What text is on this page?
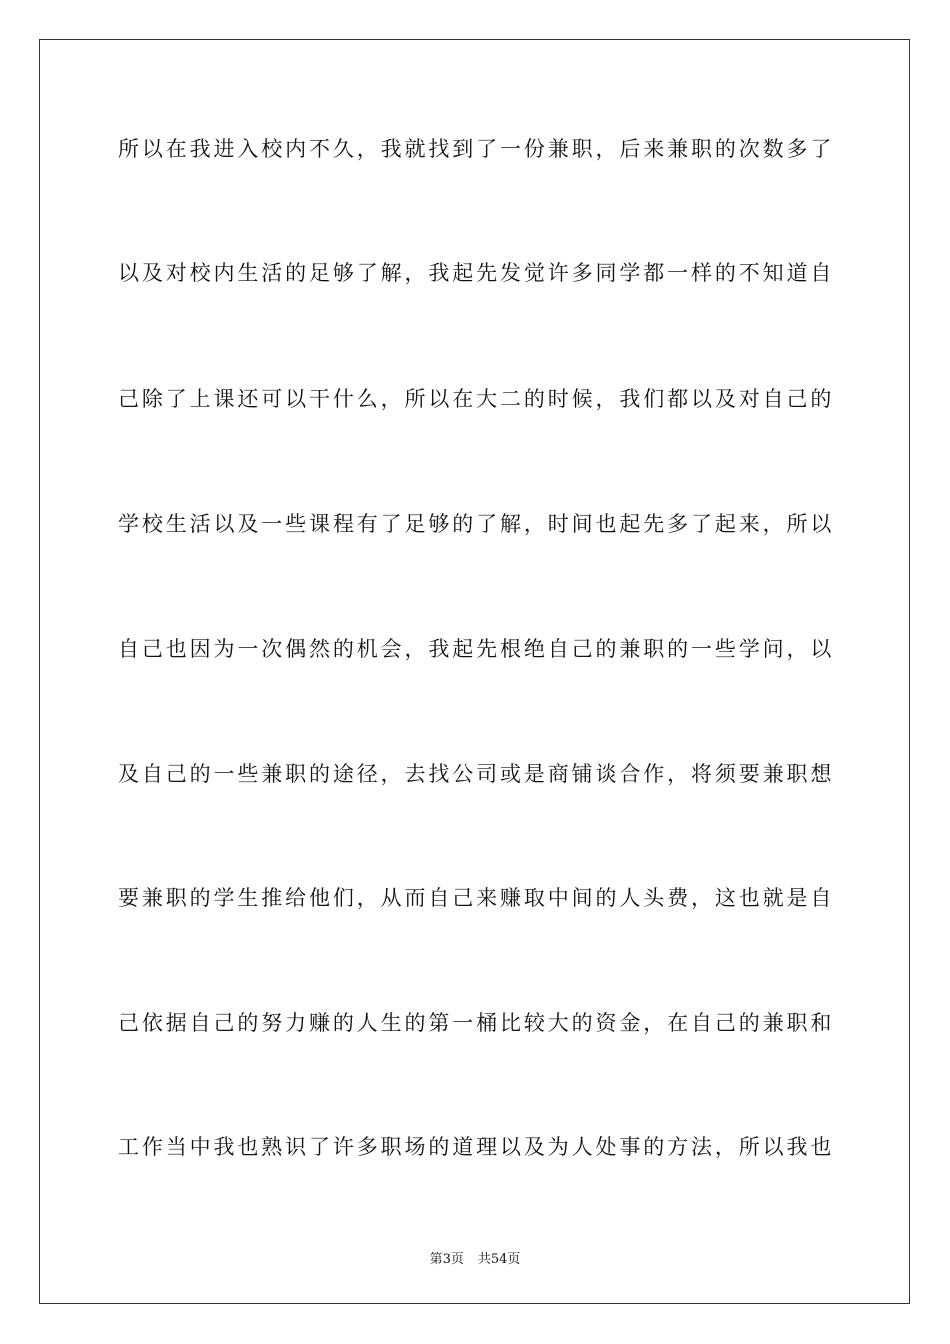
所以在我进入校内不久，我就找到了一份兼职，后来兼职的次数多了
以及对校内生活的足够了解，我起先发觉许多同学都一样的不知道自
己除了上课还可以干什么，所以在大二的时候，我们都以及对自己的
学校生活以及一些课程有了足够的了解，时间也起先多了起来，所以
自己也因为一次偶然的机会，我起先根绝自己的兼职的一些学问，以
及自己的一些兼职的途径，去找公司或是商铺谈合作，将须要兼职想
要兼职的学生推给他们，从而自己来赚取中间的人头费，这也就是自
己依据自己的努力赚的人生的第一桶比较大的资金，在自己的兼职和
工作当中我也熟识了许多职场的道理以及为人处事的方法，所以我也
第3页 共54页
